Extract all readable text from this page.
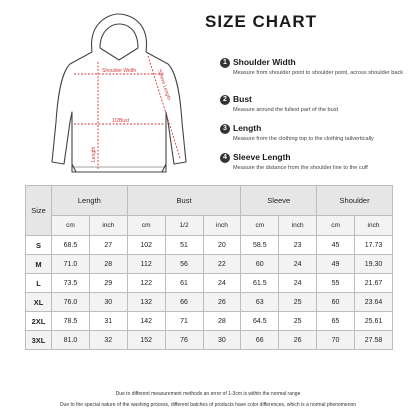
SIZE CHART
Shoulder Width
1/2Bust
Length
Sleeve Length
1 Shoulder Width
Measure from shoulder point to shoulder point, across shoulder back
2 Bust
Measure around the fullest part of the bust
3 Length
Measure from the clothing top to the clothing tailvertically
4 Sleeve Length
Measure the distance from the shoulder line to the cuff
Size	Length		Bust			Sleeve		Shoulder	
	cm	inch	cm	1/2	inch	cm	inch	cm	inch
S	68.5	27	102	51	20	58.5	23	45	17.73
M	71.0	28	112	56	22	60	24	49	19.30
L	73.5	29	122	61	24	61.5	24	55	21.67
XL	76.0	30	132	66	26	63	25	60	23.64
2XL	78.5	31	142	71	28	64.5	25	65	25.61
3XL	81.0	32	152	76	30	66	26	70	27.58
Due to different measurement methods an error of 1-3cm is within the normal range
Due to the special nature of the washing process, different batches of products have color differences, which is a normal phenomenon
